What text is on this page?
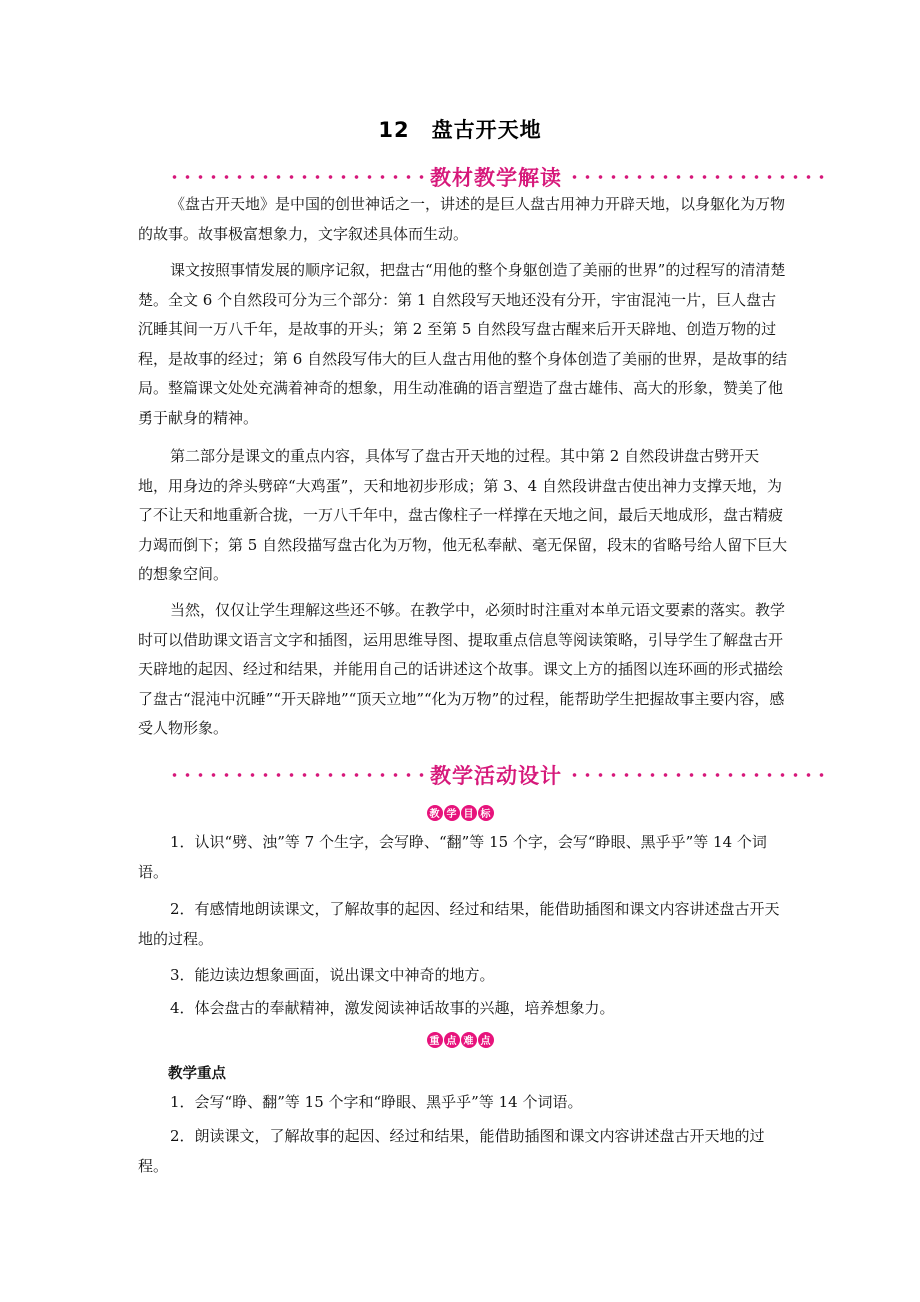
12 盘古开天地
教材教学解读

《盘古开天地》是中国的创世神话之一，讲述的是巨人盘古用神力开辟天地，以身躯化为万物的故事。故事极富想象力，文字叙述具体而生动。

课文按照事情发展的顺序记叙，把盘古“用他的整个身躯创造了美丽的世界”的过程写的清清楚楚。全文 6 个自然段可分为三个部分：第 1 自然段写天地还没有分开，宇宙混沌一片，巨人盘古沉睡其间一万八千年，是故事的开头；第 2 至第 5 自然段写盘古醒来后开天辟地、创造万物的过程，是故事的经过；第 6 自然段写伟大的巨人盘古用他的整个身体创造了美丽的世界，是故事的结局。整篇课文处处充满着神奇的想象，用生动准确的语言塑造了盘古雄伟、高大的形象，赞美了他勇于献身的精神。

第二部分是课文的重点内容，具体写了盘古开天地的过程。其中第 2 自然段讲盘古劈开天地，用身边的斧头劈碎“大鸡蛋”，天和地初步形成；第 3、4 自然段讲盘古使出神力支撑天地，为了不让天和地重新合拢，一万八千年中，盘古像柱子一样撑在天地之间，最后天地成形，盘古精疲力竭而倒下；第 5 自然段描写盘古化为万物，他无私奉献、毫无保留，段末的省略号给人留下巨大的想象空间。

当然，仅仅让学生理解这些还不够。在教学中，必须时时注重对本单元语文要素的落实。教学时可以借助课文语言文字和插图，运用思维导图、提取重点信息等阅读策略，引导学生了解盘古开天辟地的起因、经过和结果，并能用自己的话讲述这个故事。课文上方的插图以连环画的形式描绘了盘古“混沌中沉睡”“开天辟地”“顶天立地”“化为万物”的过程，能帮助学生把握故事主要内容，感受人物形象。

教学活动设计
教 学 目 标

1．认识“劈、浊”等 7 个生字，会写睁、“翻”等 15 个字，会写“睁眼、黑乎乎”等 14 个词语。

2．有感情地朗读课文，了解故事的起因、经过和结果，能借助插图和课文内容讲述盘古开天地的过程。

3．能边读边想象画面，说出课文中神奇的地方。

4．体会盘古的奉献精神，激发阅读神话故事的兴趣，培养想象力。

重 点 难 点
教学重点

1．会写“睁、翻”等 15 个字和“睁眼、黑乎乎”等 14 个词语。

2．朗读课文，了解故事的起因、经过和结果，能借助插图和课文内容讲述盘古开天地的过程。
